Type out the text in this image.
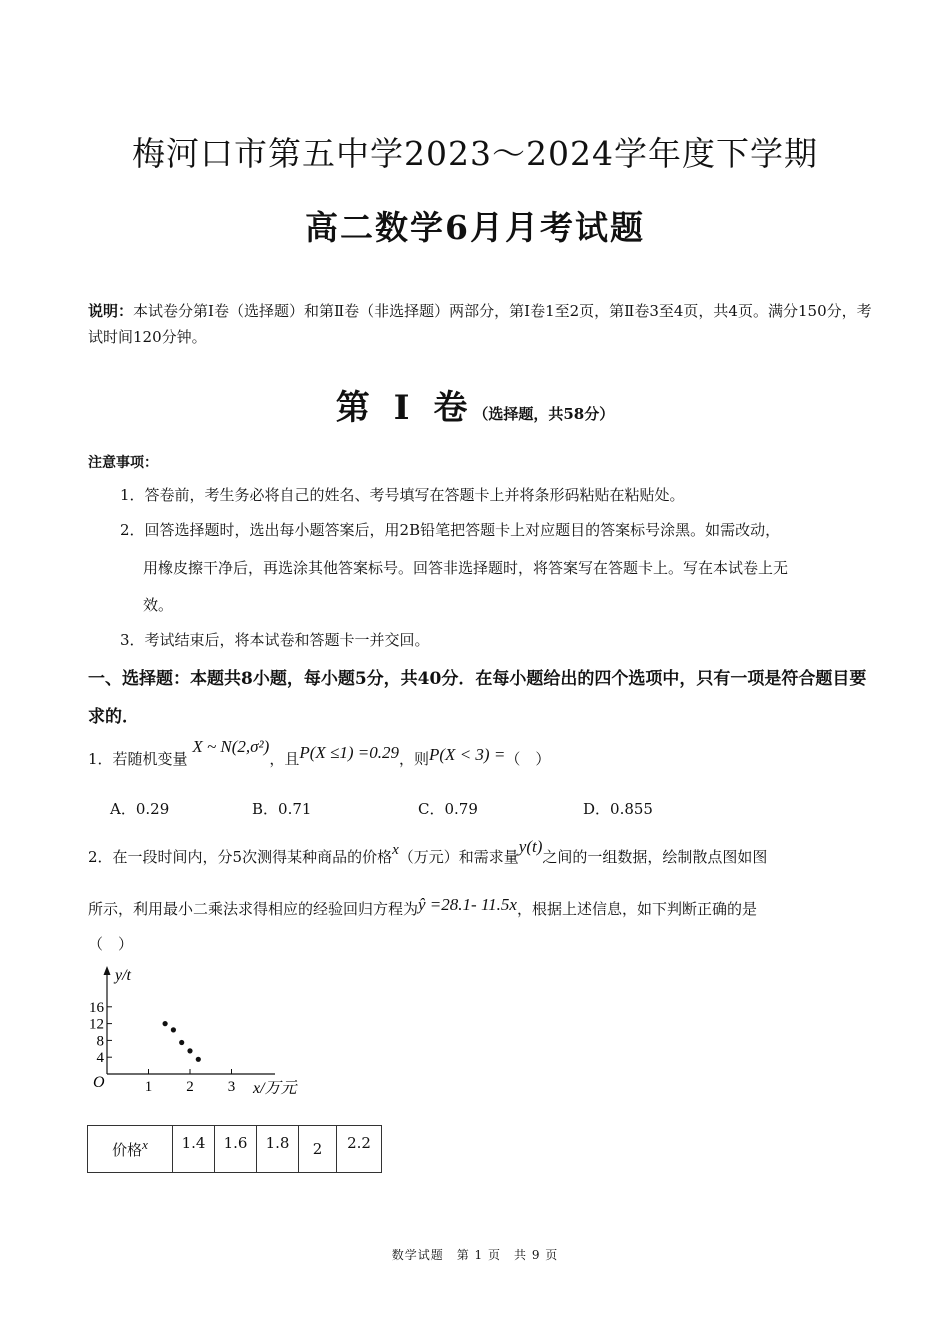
梅河口市第五中学2023～2024学年度下学期
高二数学6月月考试题
说明：本试卷分第Ⅰ卷（选择题）和第Ⅱ卷（非选择题）两部分，第Ⅰ卷1至2页，第Ⅱ卷3至4页，共4页。满分150分，考试时间120分钟。
第 Ⅰ 卷（选择题，共58分）
注意事项：
1．答卷前，考生务必将自己的姓名、考号填写在答题卡上并将条形码粘贴在粘贴处。
2．回答选择题时，选出每小题答案后，用2B铅笔把答题卡上对应题目的答案标号涂黑。如需改动，
用橡皮擦干净后，再选涂其他答案标号。回答非选择题时，将答案写在答题卡上。写在本试卷上无
效。
3．考试结束后，将本试卷和答题卡一并交回。
一、选择题：本题共8小题，每小题5分，共40分．在每小题给出的四个选项中，只有一项是符合题目要求的．
1．若随机变量 X ~ N(2,σ²)，且P(X ≤1) =0.29，则P(X < 3) =（　）
A．0.29	B．0.71	C．0.79	D．0.855
2．在一段时间内，分5次测得某种商品的价格x（万元）和需求量y(t)之间的一组数据，绘制散点图如图
所示，利用最小二乘法求得相应的经验回归方程为ŷ =28.1- 11.5x，根据上述信息，如下判断正确的是
（　）
y/t
x/万元
O	1 2 3
4
8
12
16
价格x	1.4	1.6	1.8	2	2.2
数学试题　第 1 页　共 9 页
